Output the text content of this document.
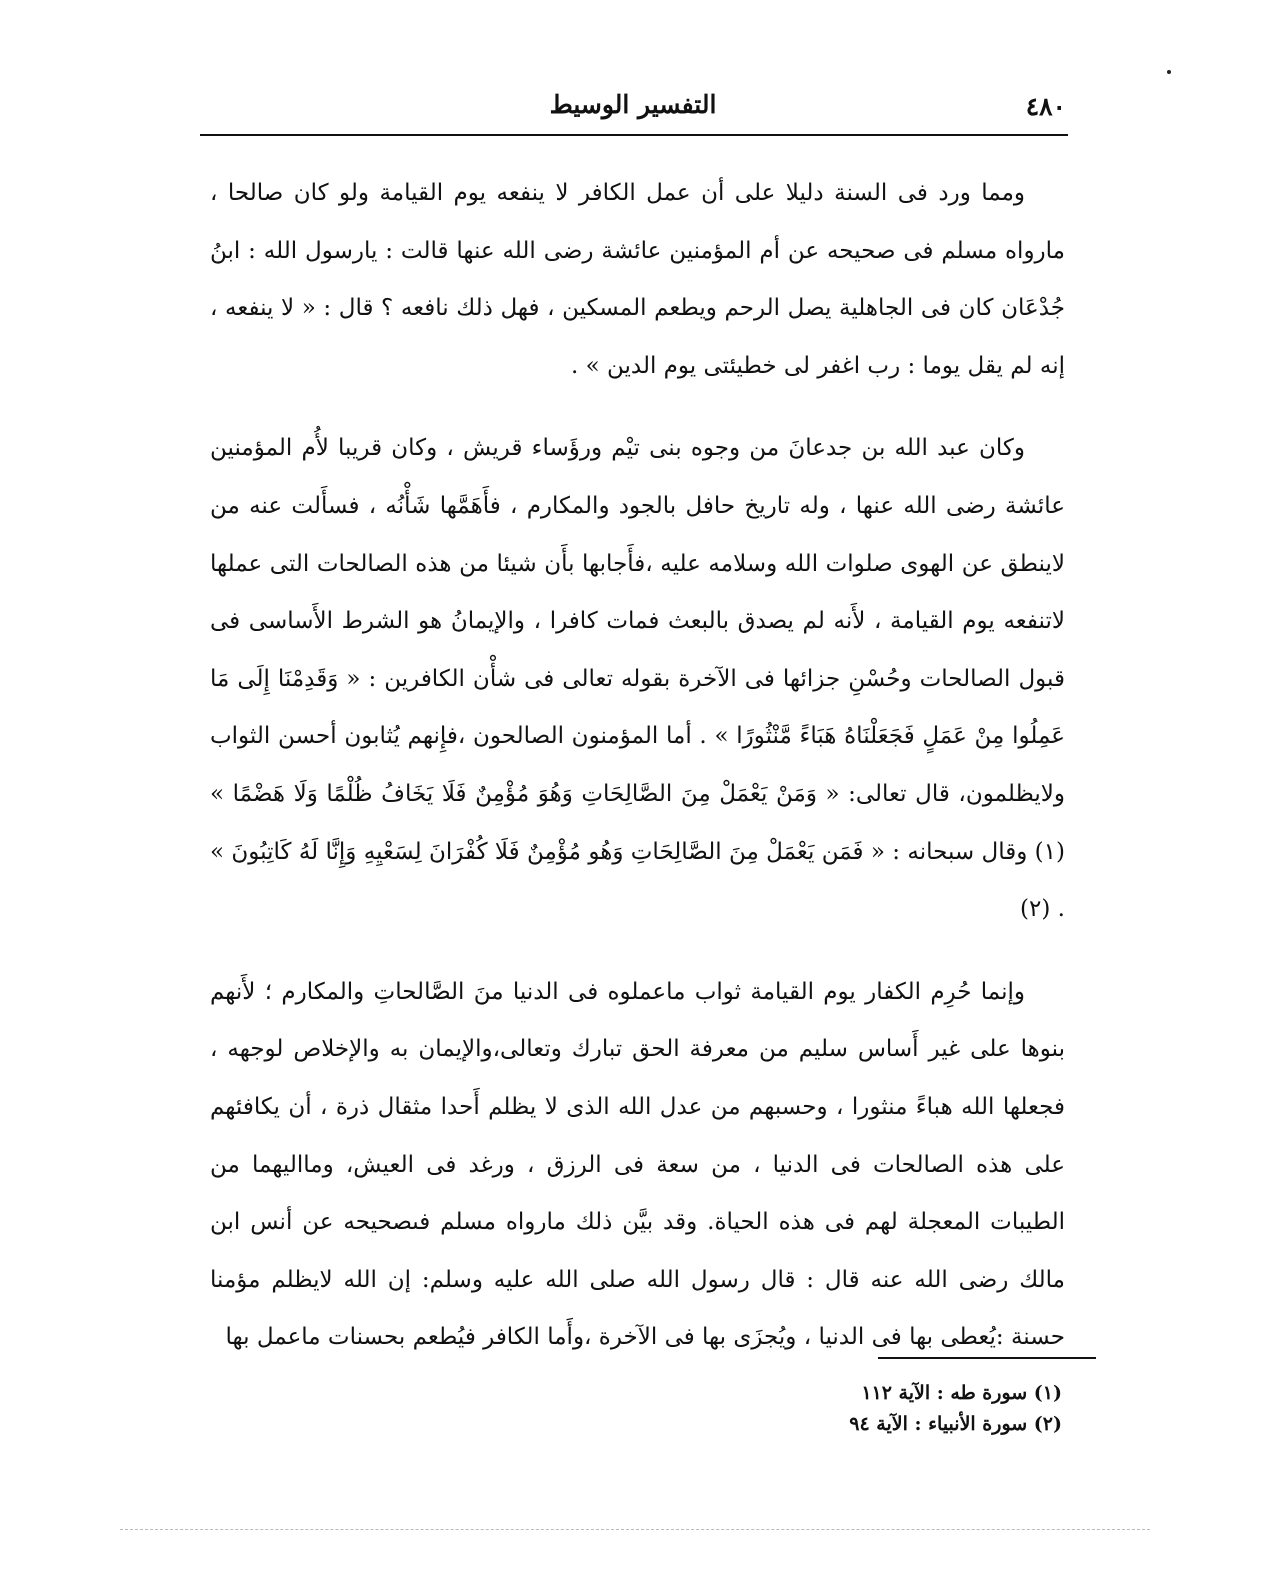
٤٨٠
التفسير الوسيط

ومما ورد فى السنة دليلا على أن عمل الكافر لا ينفعه يوم القيامة ولو كان صالحا ، مارواه مسلم فى صحيحه عن أم المؤمنين عائشة رضى الله عنها قالت : يارسول الله : ابنُ جُدْعَان كان فى الجاهلية يصل الرحم ويطعم المسكين ، فهل ذلك نافعه ؟ قال : « لا ينفعه ، إنه لم يقل يوما : رب اغفر لى خطيئتى يوم الدين » .

وكان عبد الله بن جدعانَ من وجوه بنى تيْم ورؤَساء قريش ، وكان قريبا لأُم المؤمنين عائشة رضى الله عنها ، وله تاريخ حافل بالجود والمكارم ، فأَهَمَّها شَأْنُه ، فسأَلت عنه من لاينطق عن الهوى صلوات الله وسلامه عليه ،فأَجابها بأَن شيئا من هذه الصالحات التى عملها لاتنفعه يوم القيامة ، لأَنه لم يصدق بالبعث فمات كافرا ، والإيمانُ هو الشرط الأَساسى فى قبول الصالحات وحُسْنِ جزائها فى الآخرة بقوله تعالى فى شأْن الكافرين : « وَقَدِمْنَا إِلَى مَا عَمِلُوا مِنْ عَمَلٍ فَجَعَلْنَاهُ هَبَاءً مَّنْثُورًا » . أما المؤمنون الصالحون ،فإِنهم يُثابون أحسن الثواب ولايظلمون، قال تعالى: « وَمَنْ يَعْمَلْ مِنَ الصَّالِحَاتِ وَهُوَ مُؤْمِنٌ فَلَا يَخَافُ ظُلْمًا وَلَا هَضْمًا » (١) وقال سبحانه : « فَمَن يَعْمَلْ مِنَ الصَّالِحَاتِ وَهُو مُؤْمِنٌ فَلَا كُفْرَانَ لِسَعْيِهِ وَإِنَّا لَهُ كَاتِبُونَ » . (٢)

وإنما حُرِم الكفار يوم القيامة ثواب ماعملوه فى الدنيا منَ الصَّالحاتِ والمكارم ؛ لأَنهم بنوها على غير أَساس سليم من معرفة الحق تبارك وتعالى،والإيمان به والإخلاص لوجهه ، فجعلها الله هباءً منثورا ، وحسبهم من عدل الله الذى لا يظلم أَحدا مثقال ذرة ، أن يكافئهم على هذه الصالحات فى الدنيا ، من سعة فى الرزق ، ورغد فى العيش، ومااليهما من الطيبات المعجلة لهم فى هذه الحياة. وقد بيَّن ذلك مارواه مسلم فىصحيحه عن أنس ابن مالك رضى الله عنه قال : قال رسول الله صلى الله عليه وسلم: إن الله لايظلم مؤمنا حسنة :يُعطى بها فى الدنيا ، ويُجزَى بها فى الآخرة ،وأَما الكافر فيُطعم بحسنات ماعمل بها

(١) سورة طه : الآية ١١٢

(٢) سورة الأنبياء : الآية ٩٤
